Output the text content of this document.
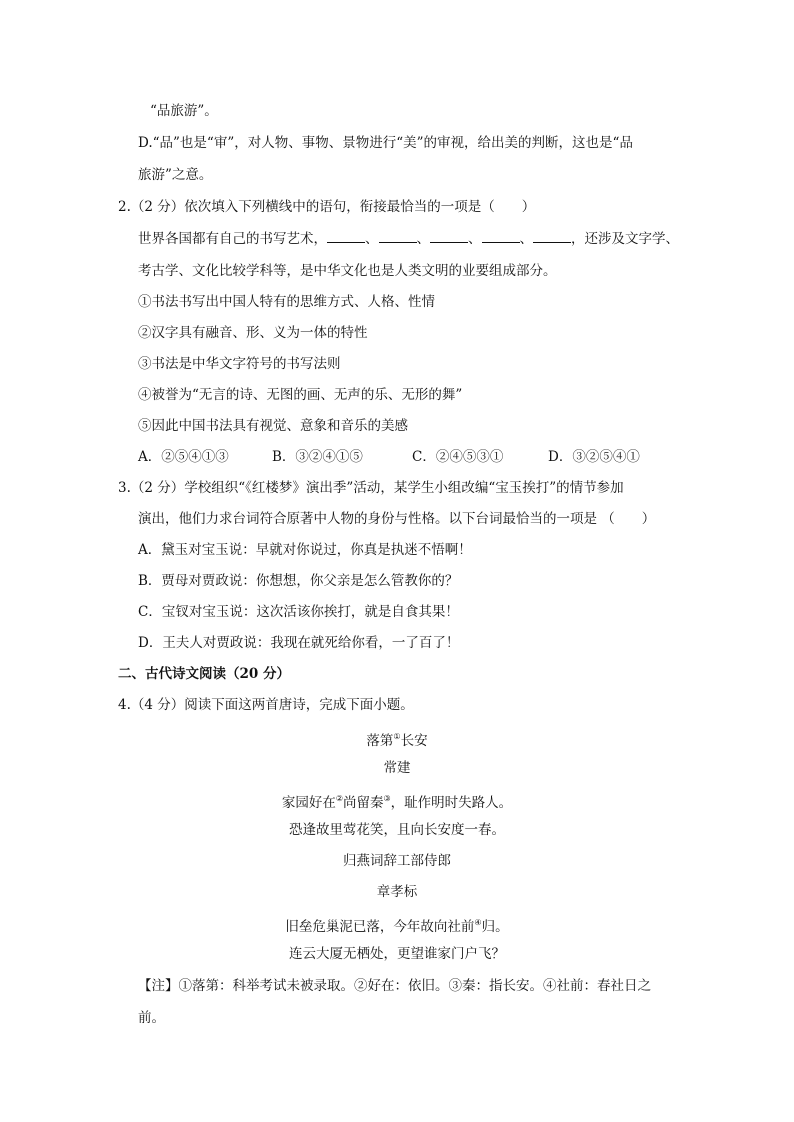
“品旅游”。
D.“品”也是“审”，对人物、事物、景物进行“美”的审视，给出美的判断，这也是“品
旅游”之意。
2.（2 分）依次填入下列横线中的语句，衔接最恰当的一项是（　　）
世界各国都有自己的书写艺术，	、	、	、	、	，还涉及文字学、
考古学、文化比较学科等，是中华文化也是人类文明的业要组成部分。
①书法书写出中国人特有的思维方式、人格、性情
②汉字具有融音、形、义为一体的特性
③书法是中华文字符号的书写法则
④被誉为“无言的诗、无图的画、无声的乐、无形的舞”
⑤因此中国书法具有视觉、意象和音乐的美感
A．②⑤④①③	B．③②④①⑤	C．②④⑤③①	D．③②⑤④①
3.（2 分）学校组织“《红楼梦》演出季”活动，某学生小组改编“宝玉挨打”的情节参加
演出，他们力求台词符合原著中人物的身份与性格。以下台词最恰当的一项是 （　　）
A．黛玉对宝玉说：早就对你说过，你真是执迷不悟啊！
B．贾母对贾政说：你想想，你父亲是怎么管教你的？
C．宝钗对宝玉说：这次活该你挨打，就是自食其果！
D．王夫人对贾政说：我现在就死给你看，一了百了！
二、古代诗文阅读（20 分）
4.（4 分）阅读下面这两首唐诗，完成下面小题。
落第①长安
常建
家园好在②尚留秦③，耻作明时失路人。
恐逢故里莺花笑，且向长安度一春。
归燕词辞工部侍郎
章孝标
旧垒危巢泥已落，今年故向社前④归。
连云大厦无栖处，更望谁家门户飞？
【注】①落第：科举考试未被录取。②好在：依旧。③秦：指长安。④社前：春社日之
前。
